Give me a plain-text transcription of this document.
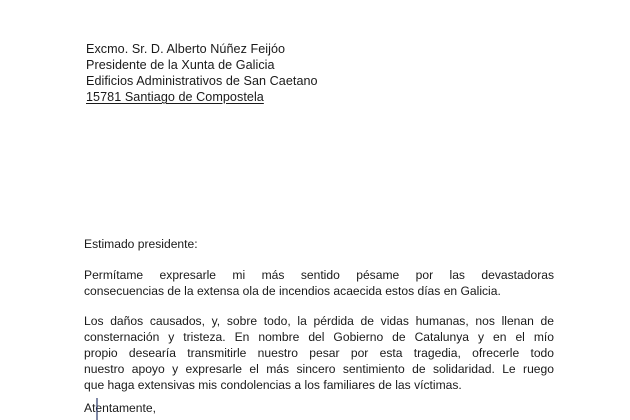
Excmo. Sr. D. Alberto Núñez Feijóo
Presidente de la Xunta de Galicia
Edificios Administrativos de San Caetano
15781 Santiago de Compostela
Estimado presidente:
Permítame expresarle mi más sentido pésame por las devastadoras
consecuencias de la extensa ola de incendios acaecida estos días en Galicia.
Los daños causados, y, sobre todo, la pérdida de vidas humanas, nos llenan de
consternación y tristeza. En nombre del Gobierno de Catalunya y en el mío
propio desearía transmitirle nuestro pesar por esta tragedia, ofrecerle todo
nuestro apoyo y expresarle el más sincero sentimiento de solidaridad. Le ruego
que haga extensivas mis condolencias a los familiares de las víctimas.
Atentamente,
